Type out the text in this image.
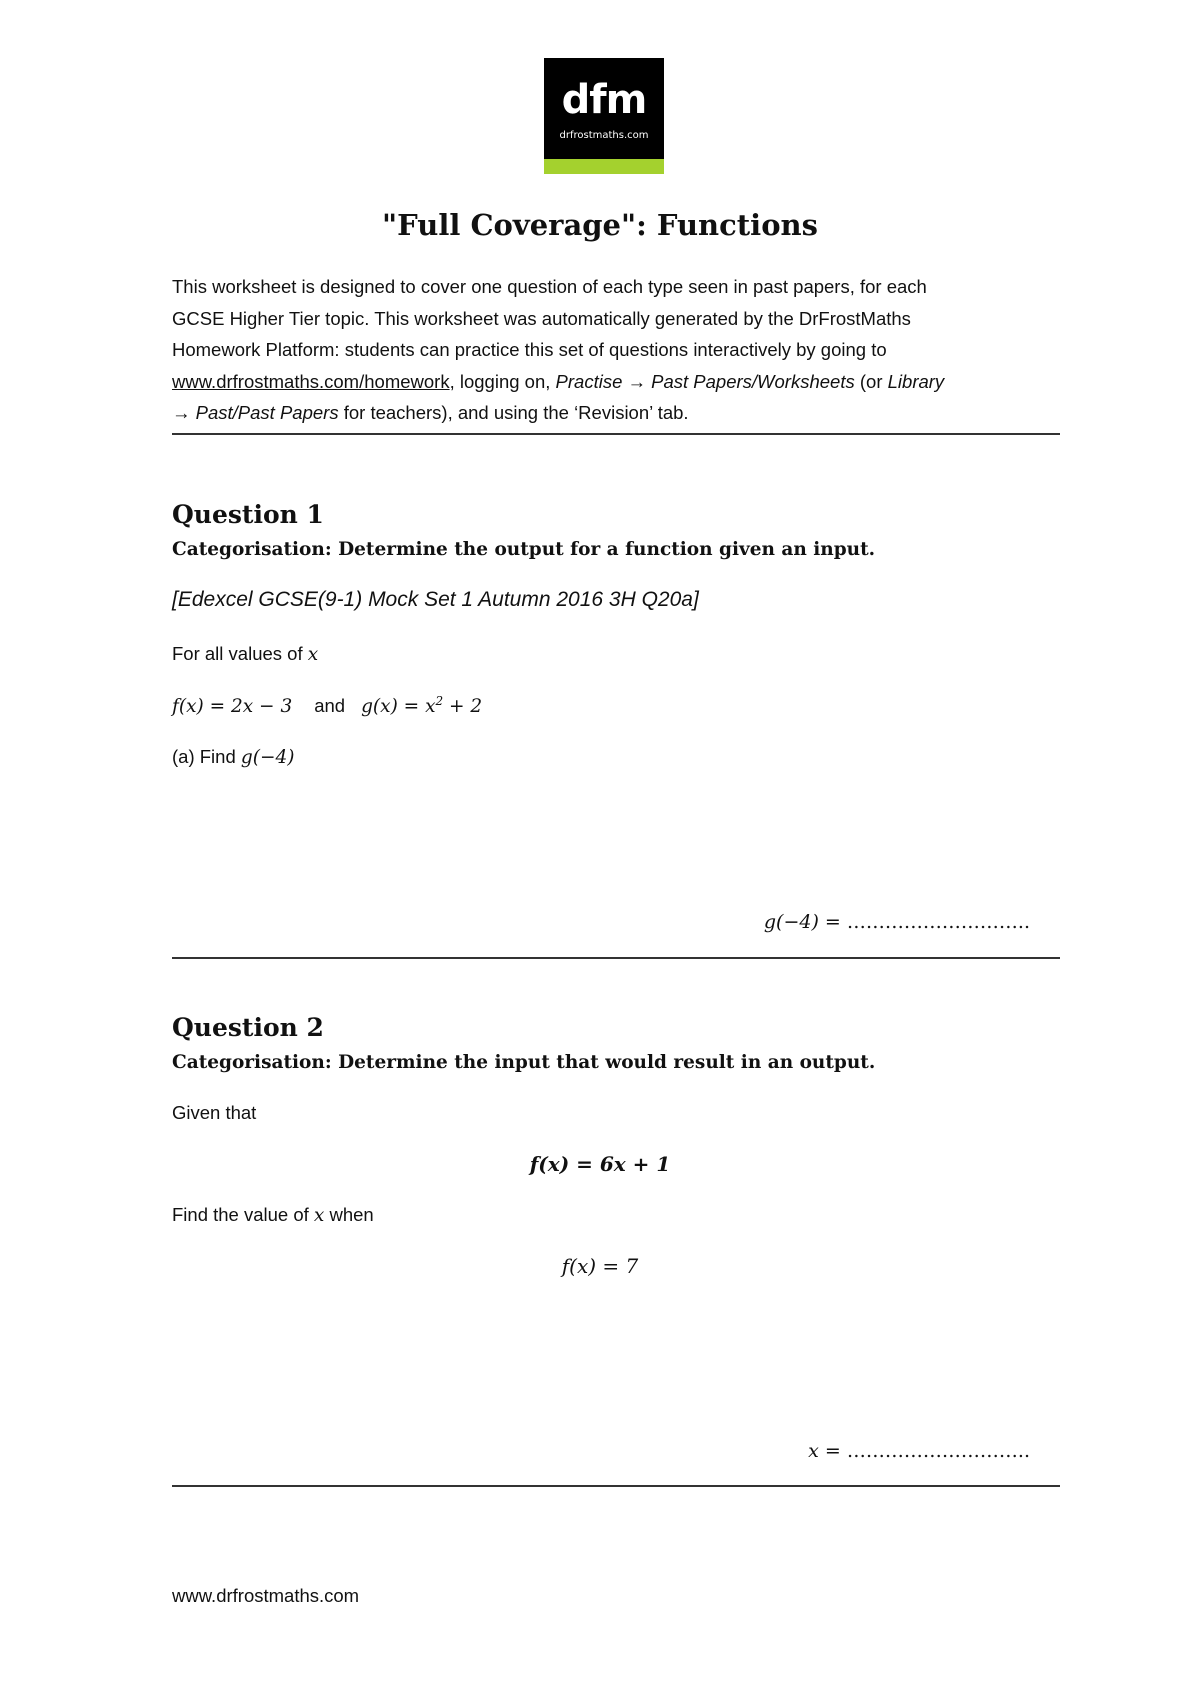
dfm
drfrostmaths.com
"Full Coverage": Functions

This worksheet is designed to cover one question of each type seen in past papers, for each

GCSE Higher Tier topic. This worksheet was automatically generated by the DrFrostMaths

Homework Platform: students can practice this set of questions interactively by going to

www.drfrostmaths.com/homework, logging on, Practise → Past Papers/Worksheets (or Library

→ Past/Past Papers for teachers), and using the ‘Revision’ tab.

Question 1
Categorisation: Determine the output for a function given an input.
[Edexcel GCSE(9-1) Mock Set 1 Autumn 2016 3H Q20a]
For all values of x
f(x) = 2x − 3 and $g(x) = x^2 + 2$
(a) Find g(−4)
g(−4) = ………………………..
Question 2
Categorisation: Determine the input that would result in an output.
Given that
f(x) = 6x + 1
Find the value of x when
f(x) = 7
x = ………………………..
www.drfrostmaths.com
